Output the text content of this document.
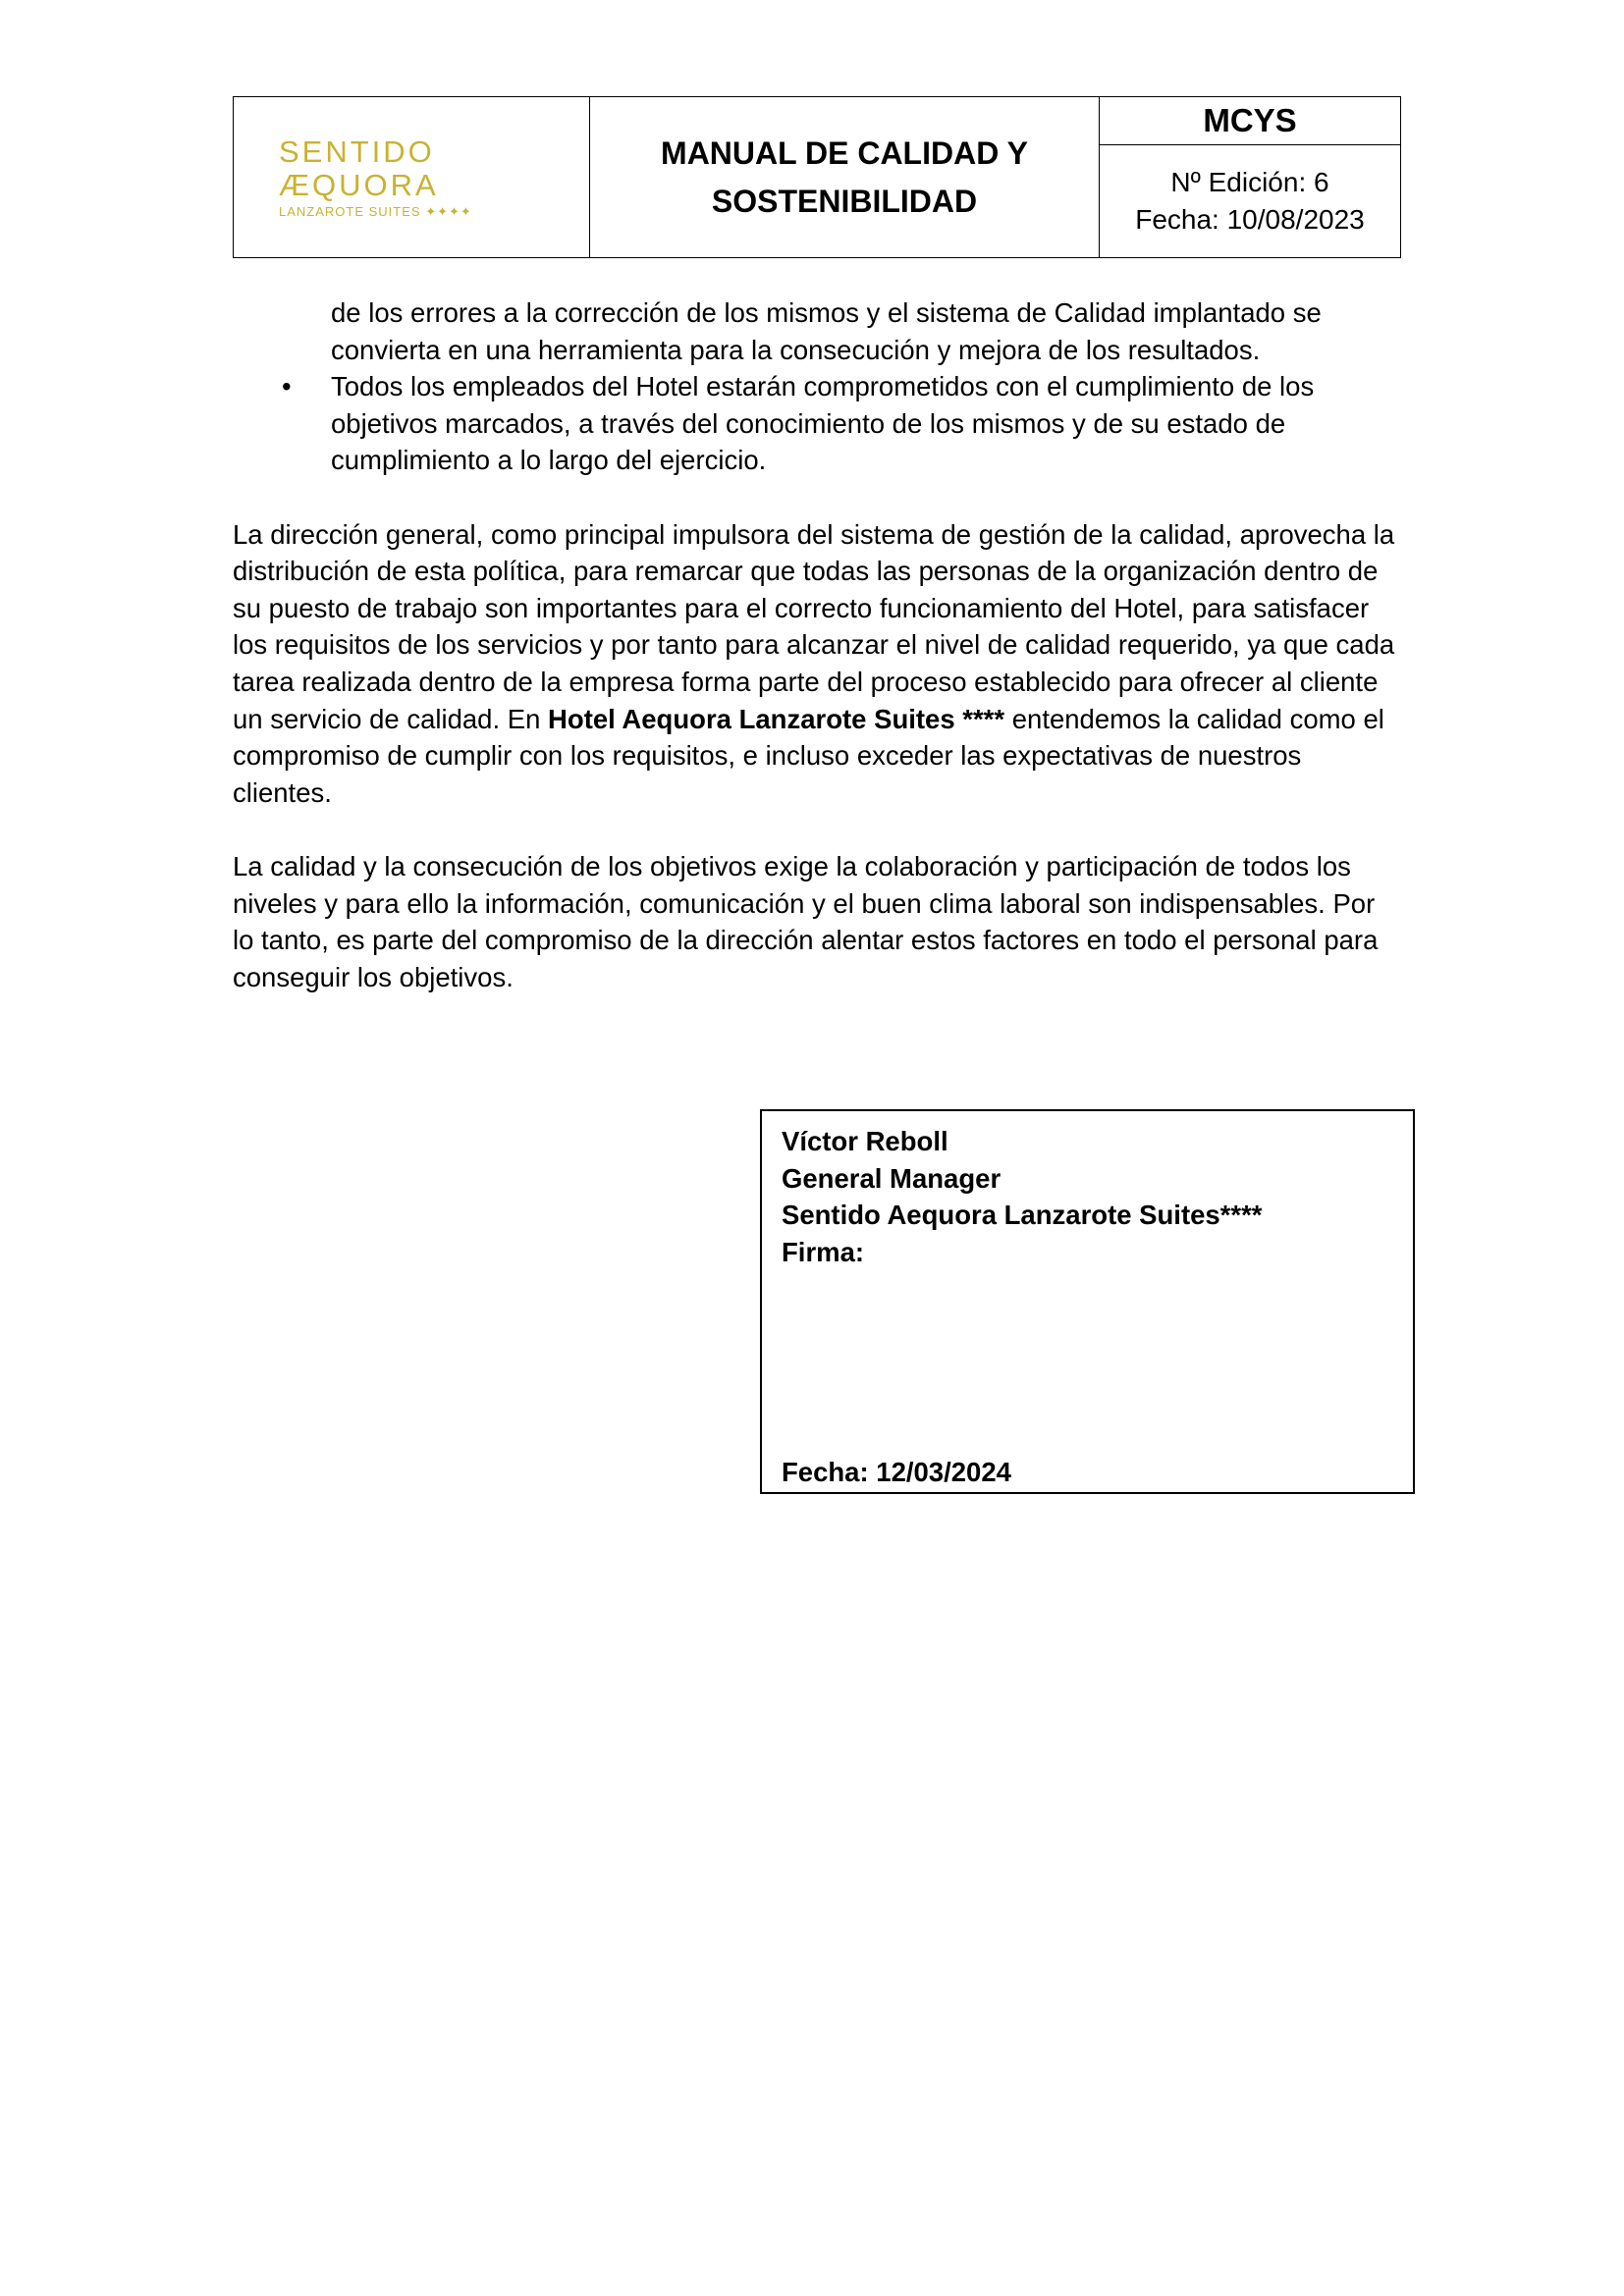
SENTIDO ÆQUORA
LANZAROTE SUITES ✦✦✦✦
MANUAL DE CALIDAD Y SOSTENIBILIDAD
MCYS
Nº Edición: 6
Fecha: 10/08/2023
de los errores a la corrección de los mismos y el sistema de Calidad implantado se convierta en una herramienta para la consecución y mejora de los resultados.
• Todos los empleados del Hotel estarán comprometidos con el cumplimiento de los objetivos marcados, a través del conocimiento de los mismos y de su estado de cumplimiento a lo largo del ejercicio.
La dirección general, como principal impulsora del sistema de gestión de la calidad, aprovecha la distribución de esta política, para remarcar que todas las personas de la organización dentro de su puesto de trabajo son importantes para el correcto funcionamiento del Hotel, para satisfacer los requisitos de los servicios y por tanto para alcanzar el nivel de calidad requerido, ya que cada tarea realizada dentro de la empresa forma parte del proceso establecido para ofrecer al cliente un servicio de calidad. En Hotel Aequora Lanzarote Suites **** entendemos la calidad como el compromiso de cumplir con los requisitos, e incluso exceder las expectativas de nuestros clientes.
La calidad y la consecución de los objetivos exige la colaboración y participación de todos los niveles y para ello la información, comunicación y el buen clima laboral son indispensables. Por lo tanto, es parte del compromiso de la dirección alentar estos factores en todo el personal para conseguir los objetivos.
Víctor Reboll
General Manager
Sentido Aequora Lanzarote Suites****
Firma:
Fecha: 12/03/2024
